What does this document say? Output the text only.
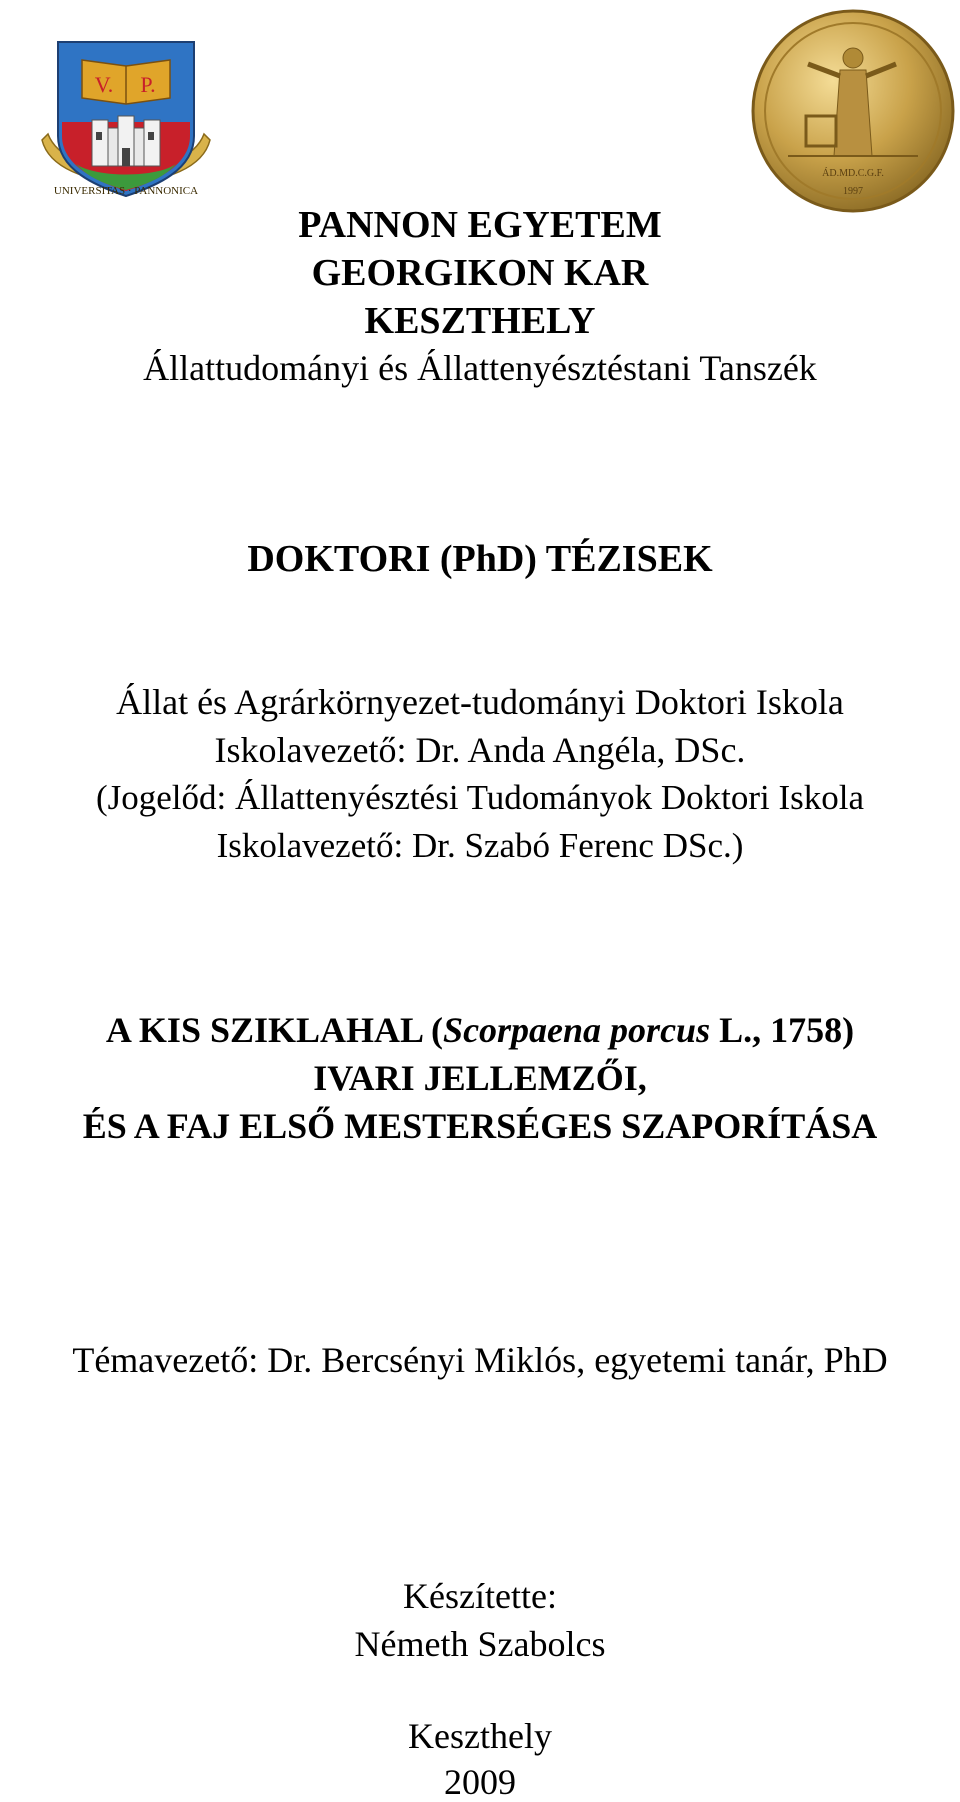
V. P.
UNIVERSITAS · PANNONICA
ÁD.MD.C.G.F.
1997
PANNON EGYETEM
GEORGIKON KAR
KESZTHELY
Állattudományi és Állattenyésztéstani Tanszék
DOKTORI (PhD) TÉZISEK
Állat és Agrárkörnyezet-tudományi Doktori Iskola
Iskolavezető: Dr. Anda Angéla, DSc.
(Jogelőd: Állattenyésztési Tudományok Doktori Iskola
Iskolavezető: Dr. Szabó Ferenc DSc.)
A KIS SZIKLAHAL (Scorpaena porcus L., 1758)
IVARI JELLEMZŐI,
ÉS A FAJ ELSŐ MESTERSÉGES SZAPORÍTÁSA
Témavezető: Dr. Bercsényi Miklós, egyetemi tanár, PhD
Készítette:
Németh Szabolcs
Keszthely
2009
